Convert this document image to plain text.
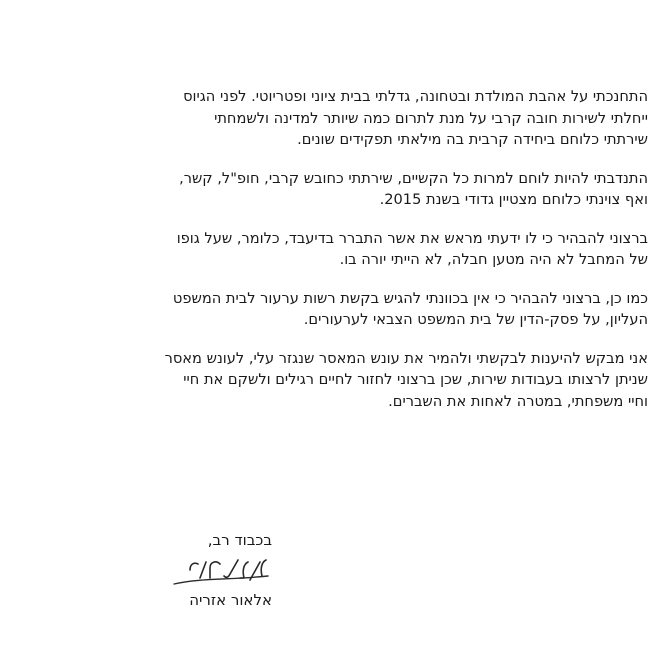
התחנכתי על אהבת המולדת ובטחונה, גדלתי בבית ציוני ופטריוטי. לפני הגיוס
ייחלתי לשירות חובה קרבי על מנת לתרום כמה שיותר למדינה ולשמחתי
שירתתי כלוחם ביחידה קרבית בה מילאתי תפקידים שונים.

התנדבתי להיות לוחם למרות כל הקשיים, שירתתי כחובש קרבי, חופ"ל, קשר,
ואף צוינתי כלוחם מצטיין גדודי בשנת 2015.

ברצוני להבהיר כי לו ידעתי מראש את אשר התברר בדיעבד, כלומר, שעל גופו
של המחבל לא היה מטען חבלה, לא הייתי יורה בו.

כמו כן, ברצוני להבהיר כי אין בכוונתי להגיש בקשת רשות ערעור לבית המשפט
העליון, על פסק-הדין של בית המשפט הצבאי לערעורים.

אני מבקש להיענות לבקשתי ולהמיר את עונש המאסר שנגזר עלי, לעונש מאסר
שניתן לרצותו בעבודות שירות, שכן ברצוני לחזור לחיים רגילים ולשקם את חיי
וחיי משפחתי, במטרה לאחות את השברים.

בכבוד רב,
אלאור אזריה
